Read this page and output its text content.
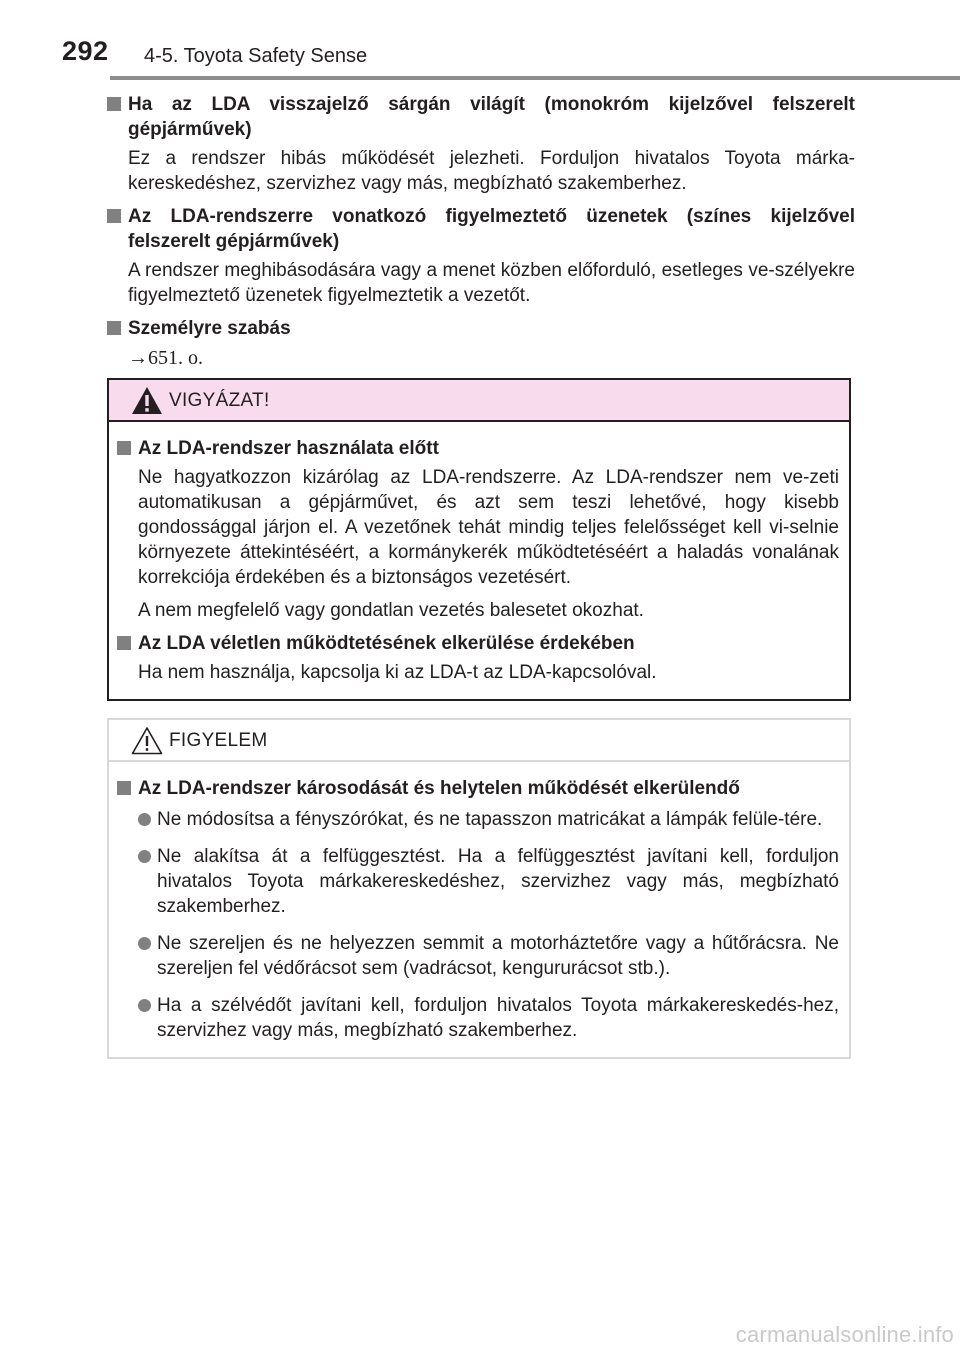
292 4-5. Toyota Safety Sense
Ha az LDA visszajelző sárgán világít (monokróm kijelzővel felszerelt gépjárművek)
Ez a rendszer hibás működését jelezheti. Forduljon hivatalos Toyota márka-kereskedéshez, szervizhez vagy más, megbízható szakemberhez.
Az LDA-rendszerre vonatkozó figyelmeztető üzenetek (színes kijelzővel felszerelt gépjárművek)
A rendszer meghibásodására vagy a menet közben előforduló, esetleges ve-szélyekre figyelmeztető üzenetek figyelmeztetik a vezetőt.
Személyre szabás
→651. o.
VIGYÁZAT!
Az LDA-rendszer használata előtt
Ne hagyatkozzon kizárólag az LDA-rendszerre. Az LDA-rendszer nem ve-zeti automatikusan a gépjárművet, és azt sem teszi lehetővé, hogy kisebb gondossággal járjon el. A vezetőnek tehát mindig teljes felelősséget kell vi-selnie környezete áttekintéséért, a kormánykerék működtetéséért a haladás vonalának korrekciója érdekében és a biztonságos vezetésért.
A nem megfelelő vagy gondatlan vezetés balesetet okozhat.
Az LDA véletlen működtetésének elkerülése érdekében
Ha nem használja, kapcsolja ki az LDA-t az LDA-kapcsolóval.
FIGYELEM
Az LDA-rendszer károsodását és helytelen működését elkerülendő
Ne módosítsa a fényszórókat, és ne tapasszon matricákat a lámpák felüle-tére.
Ne alakítsa át a felfüggesztést. Ha a felfüggesztést javítani kell, forduljon hivatalos Toyota márkakereskedéshez, szervizhez vagy más, megbízható szakemberhez.
Ne szereljen és ne helyezzen semmit a motorháztetőre vagy a hűtőrácsra. Ne szereljen fel védőrácsot sem (vadrácsot, kengururácsot stb.).
Ha a szélvédőt javítani kell, forduljon hivatalos Toyota márkakereskedés-hez, szervizhez vagy más, megbízható szakemberhez.
carmanualsonline.info
